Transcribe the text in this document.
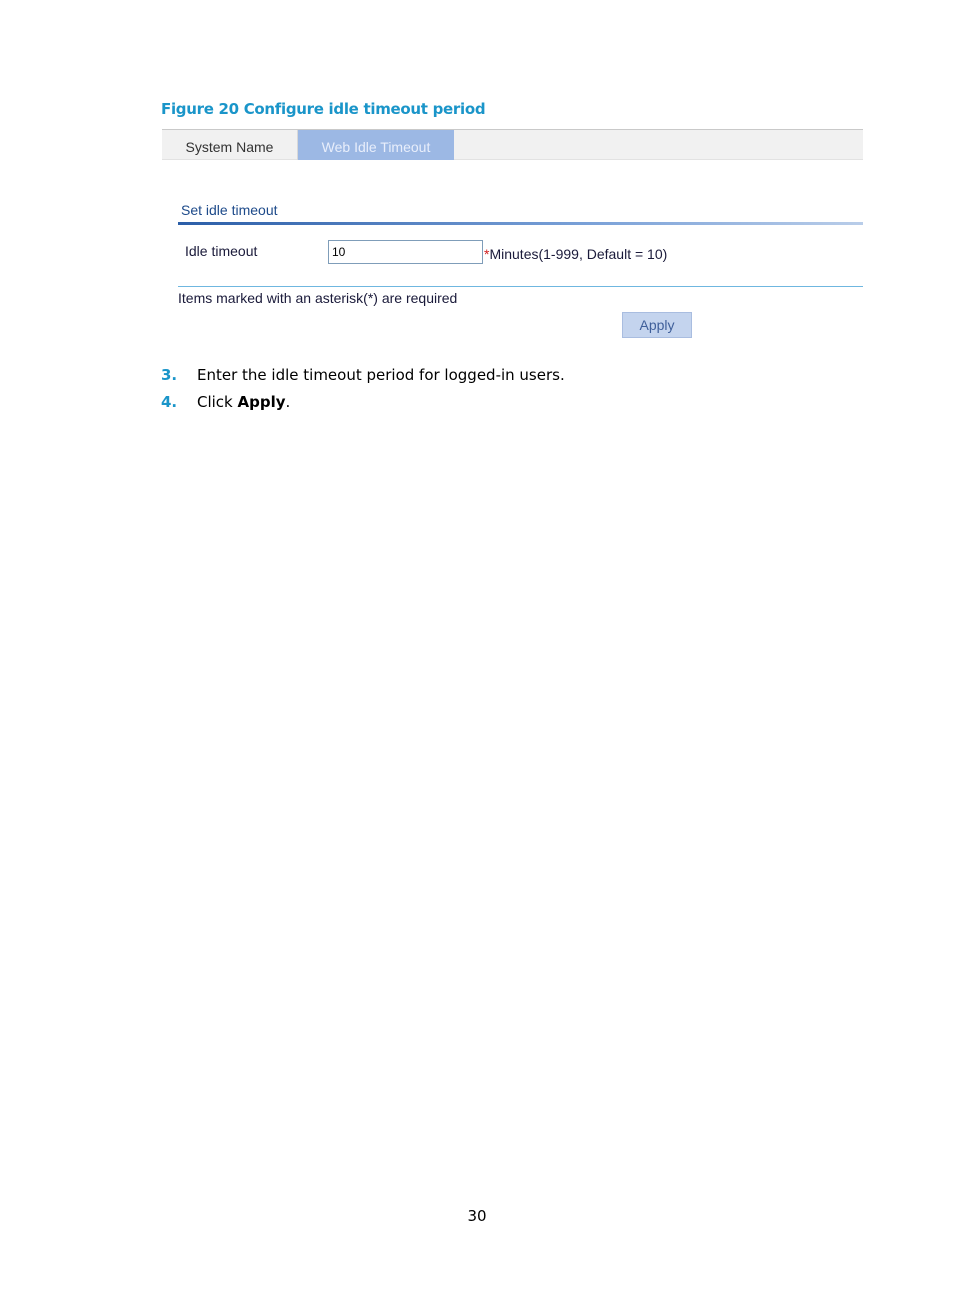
Figure 20 Configure idle timeout period
System Name	Web Idle Timeout
Set idle timeout
Idle timeout
10	*Minutes(1-999, Default = 10)
Items marked with an asterisk(*) are required
Apply
3. Enter the idle timeout period for logged-in users.
4. Click Apply.
30
